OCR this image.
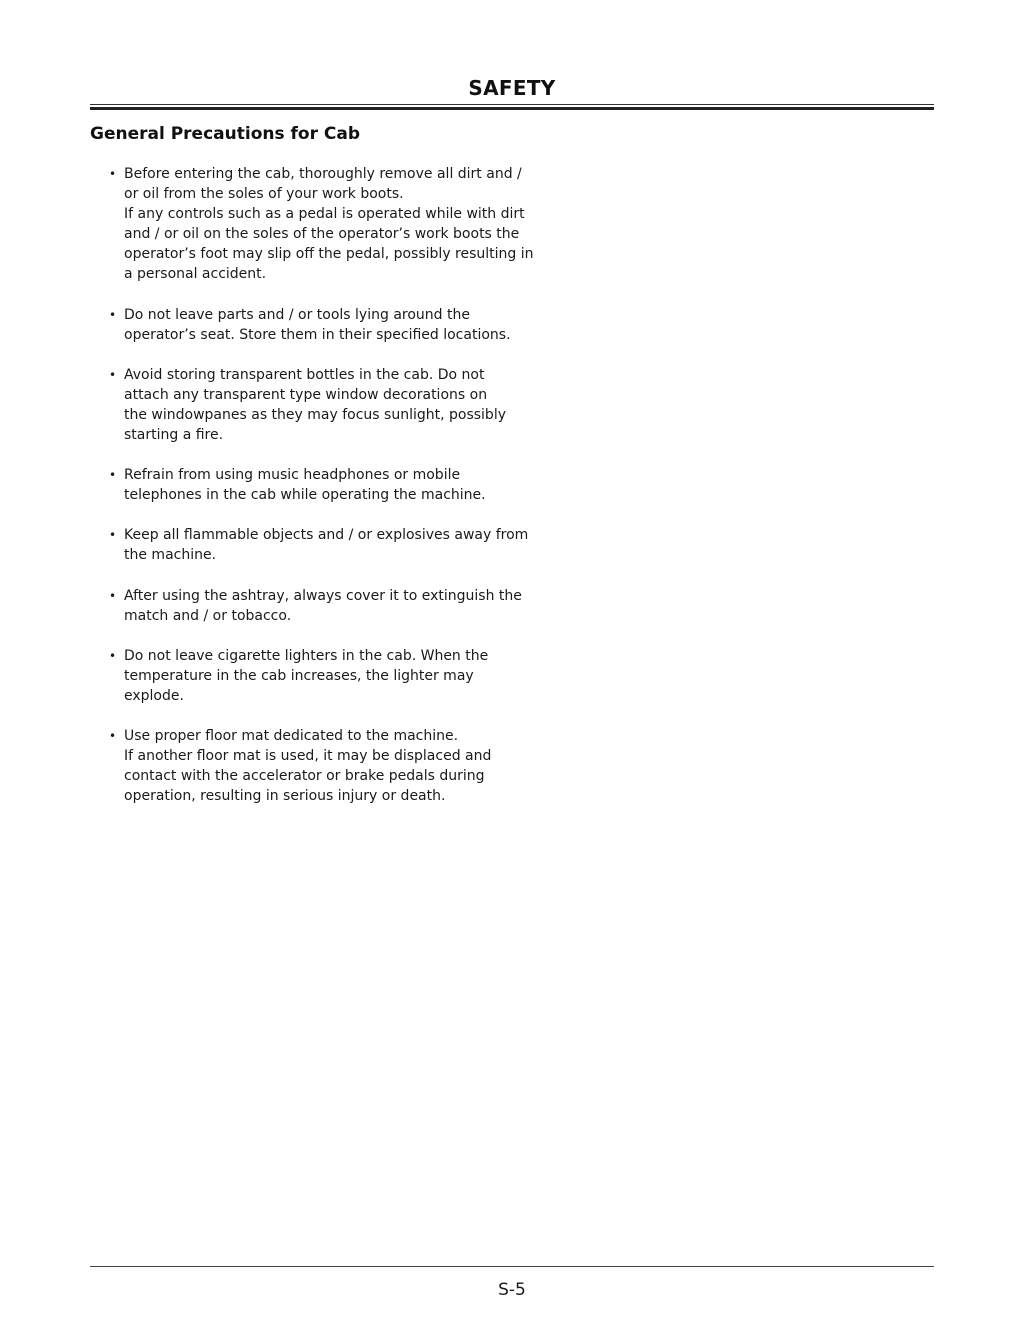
SAFETY
General Precautions for Cab
• Before entering the cab, thoroughly remove all dirt and /
or oil from the soles of your work boots.
If any controls such as a pedal is operated while with dirt
and / or oil on the soles of the operator’s work boots the
operator’s foot may slip off the pedal, possibly resulting in
a personal accident.
• Do not leave parts and / or tools lying around the
operator’s seat. Store them in their specified locations.
• Avoid storing transparent bottles in the cab. Do not
attach any transparent type window decorations on
the windowpanes as they may focus sunlight, possibly
starting a fire.
• Refrain from using music headphones or mobile
telephones in the cab while operating the machine.
• Keep all flammable objects and / or explosives away from
the machine.
• After using the ashtray, always cover it to extinguish the
match and / or tobacco.
• Do not leave cigarette lighters in the cab. When the
temperature in the cab increases, the lighter may
explode.
• Use proper floor mat dedicated to the machine.
If another floor mat is used, it may be displaced and
contact with the accelerator or brake pedals during
operation, resulting in serious injury or death.
S-5
